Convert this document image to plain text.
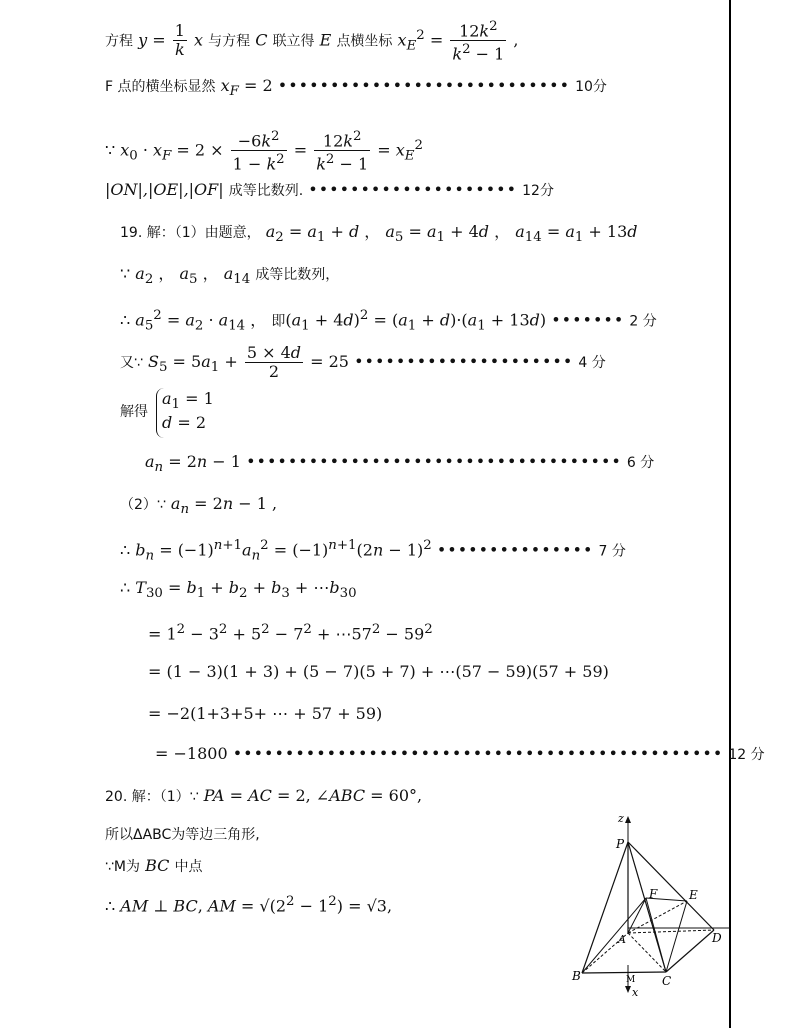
方程 $y = \frac{1}{k}$ x 与方程 C 联立得 E 点横坐标 $x_E^2 = \frac{12k^2}{k^2 - 1}$ ,
F 点的横坐标显然 $x_F = 2$ •••••••••••••••••••••••••••• 10分
∵ $x_0 \cdot x_F = 2 \times \frac{-6k^2}{1 - k^2} = \frac{12k^2}{k^2 - 1} = x_E^2$
|ON|,|OE|,|OF| 成等比数列. •••••••••••••••••••• 12分
19. 解：（1）由题意， $a_2 = a_1 + d$ ， $a_5 = a_1 + 4d$ ， $a_{14} = a_1 + 13d$
∵ $a_2$ ， $a_5$ ， $a_{14}$ 成等比数列，
∴ $a_5^2 = a_2 \cdot a_{14}$ ， 即$(a_1 + 4d)^2 = (a_1 + d)\cdot(a_1 + 13d)$ ••••••• 2 分
又∵ $S_5 = 5a_1 + \frac{5 \times 4d}{2} = 25$ ••••••••••••••••••••• 4 分
解得
$a_1 = 1$
d = 2
$a_n = 2n - 1$ •••••••••••••••••••••••••••••••••••• 6 分
（2）∵ $a_n = 2n - 1$ ,
∴ $b_n = (-1)^{n+1}a_n^2 = (-1)^{n+1}(2n - 1)^2$ ••••••••••••••• 7 分
∴ $T_{30} = b_1 + b_2 + b_3$ + $\cdots b_{30}$
= $1^2 - 3^2 + 5^2 - 7^2$ + $\cdots 57^2 - 59^2$
= (1 − 3)(1 + 3) + (5 − 7)(5 + 7) + ⋯(57 − 59)(57 + 59)
= −2(1+3+5+ ⋯ + 57 + 59)
= −1800 ••••••••••••••••••••••••••••••••••••••••••••••• 12 分
20. 解：（1）∵ PA = AC = 2, ∠ABC = 60°,
所以ΔABC为等边三角形,
∵M为 BC 中点
∴ AM ⊥ BC, AM = $√(2^2 - 1^2) = √3$,
z
P
F	E
A	D
B	M C
x
